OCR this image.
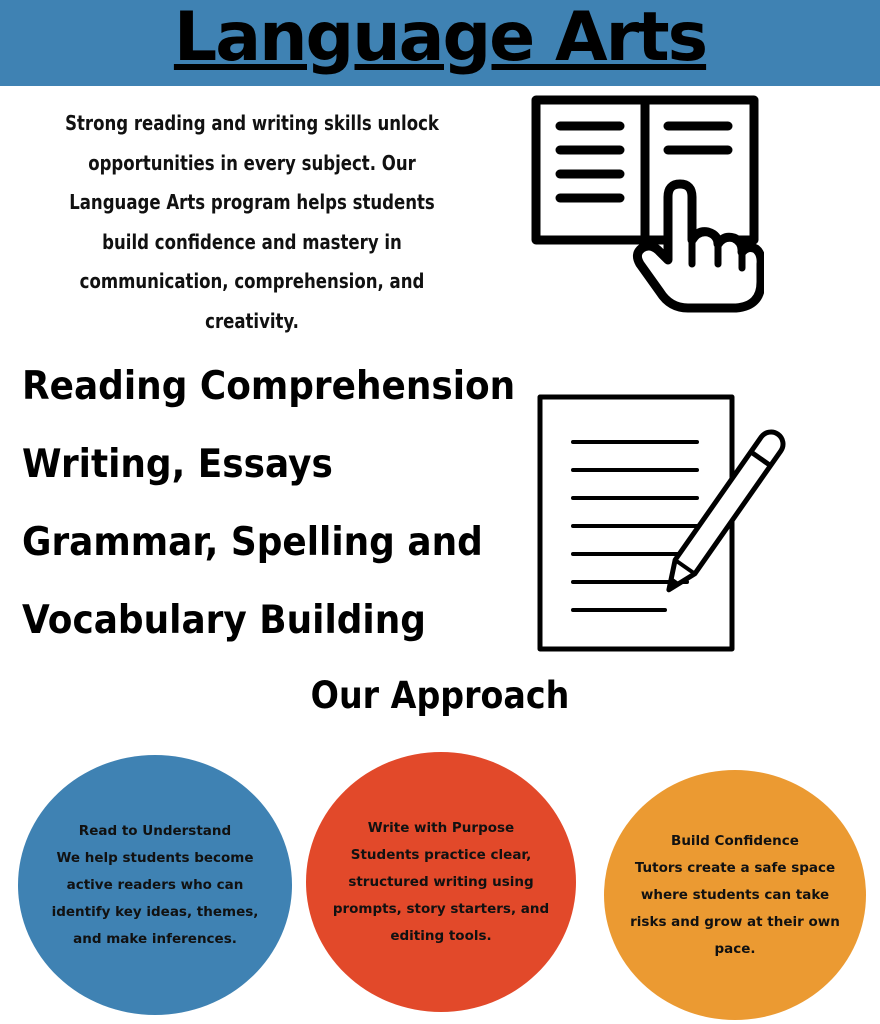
Language Arts
Strong reading and writing skills unlock
opportunities in every subject. Our
Language Arts program helps students
build confidence and mastery in
communication, comprehension, and
creativity.
Reading Comprehension
Writing, Essays
Grammar, Spelling and
Vocabulary Building
Our Approach
Read to Understand
We help students become
active readers who can
identify key ideas, themes,
and make inferences.
Write with Purpose
Students practice clear,
structured writing using
prompts, story starters, and
editing tools.
Build Confidence
Tutors create a safe space
where students can take
risks and grow at their own
pace.
